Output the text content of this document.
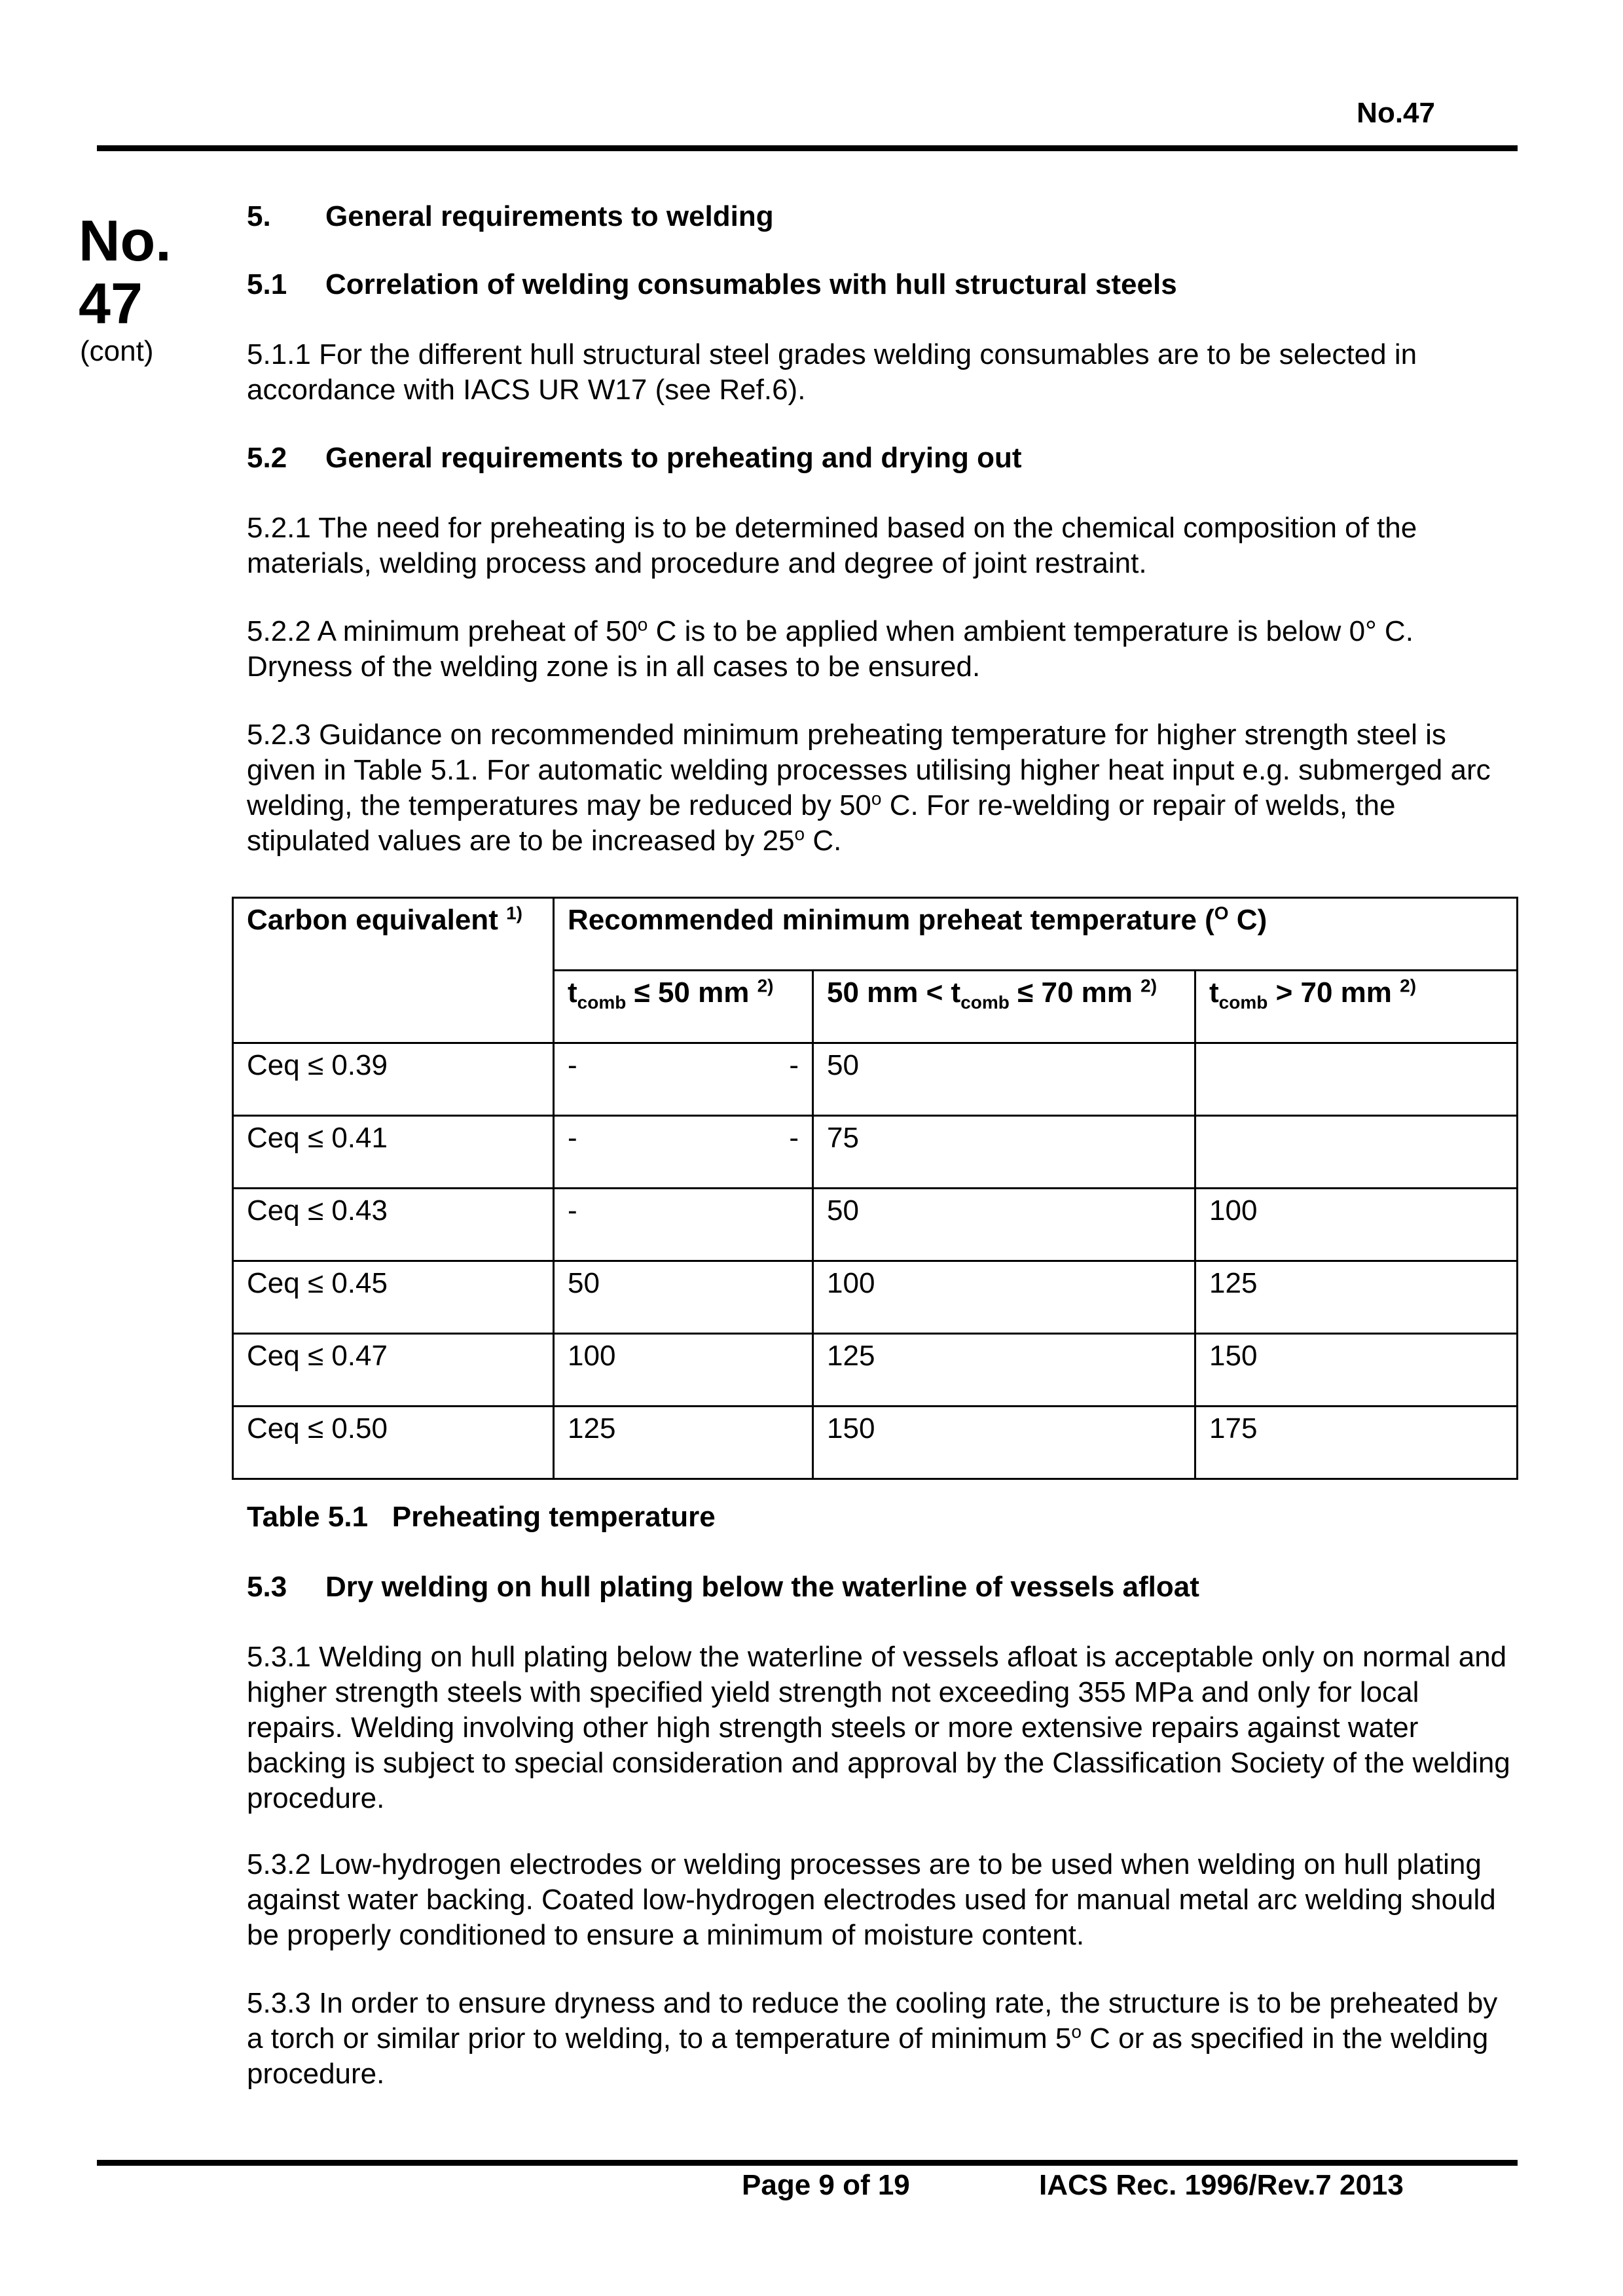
No.47
No.
47
(cont)
5. General requirements to welding
5.1 Correlation of welding consumables with hull structural steels

5.1.1 For the different hull structural steel grades welding consumables are to be selected in accordance with IACS UR W17 (see Ref.6).

5.2 General requirements to preheating and drying out

5.2.1 The need for preheating is to be determined based on the chemical composition of the materials, welding process and procedure and degree of joint restraint.

5.2.2 A minimum preheat of 50$^o$ C is to be applied when ambient temperature is below 0° C. Dryness of the welding zone is in all cases to be ensured.

5.2.3 Guidance on recommended minimum preheating temperature for higher strength steel is given in Table 5.1. For automatic welding processes utilising higher heat input e.g. submerged arc welding, the temperatures may be reduced by 50$^o$ C. For re-welding or repair of welds, the stipulated values are to be increased by 25$^o$ C.

Carbon equivalent $^{1)}$	Recommended minimum preheat temperature ($^O$ C)		
	$t_{comb} \le 50$ mm $^{2)}$	50 mm < $t_{comb} \le 70$ mm $^{2)}$	$t_{comb} > 70$ mm $^{2)}$
Ceq ≤ 0.39	- -	50	
Ceq ≤ 0.41	- -	75	
Ceq ≤ 0.43	-	50	100
Ceq ≤ 0.45	50	100	125
Ceq ≤ 0.47	100	125	150
Ceq ≤ 0.50	125	150	175
Table 5.1 Preheating temperature
5.3 Dry welding on hull plating below the waterline of vessels afloat

5.3.1 Welding on hull plating below the waterline of vessels afloat is acceptable only on normal and higher strength steels with specified yield strength not exceeding 355 MPa and only for local repairs. Welding involving other high strength steels or more extensive repairs against water backing is subject to special consideration and approval by the Classification Society of the welding procedure.

5.3.2 Low-hydrogen electrodes or welding processes are to be used when welding on hull plating against water backing. Coated low-hydrogen electrodes used for manual metal arc welding should be properly conditioned to ensure a minimum of moisture content.

5.3.3 In order to ensure dryness and to reduce the cooling rate, the structure is to be preheated by a torch or similar prior to welding, to a temperature of minimum 5$^o$ C or as specified in the welding procedure.

Page 9 of 19	IACS Rec. 1996/Rev.7 2013
